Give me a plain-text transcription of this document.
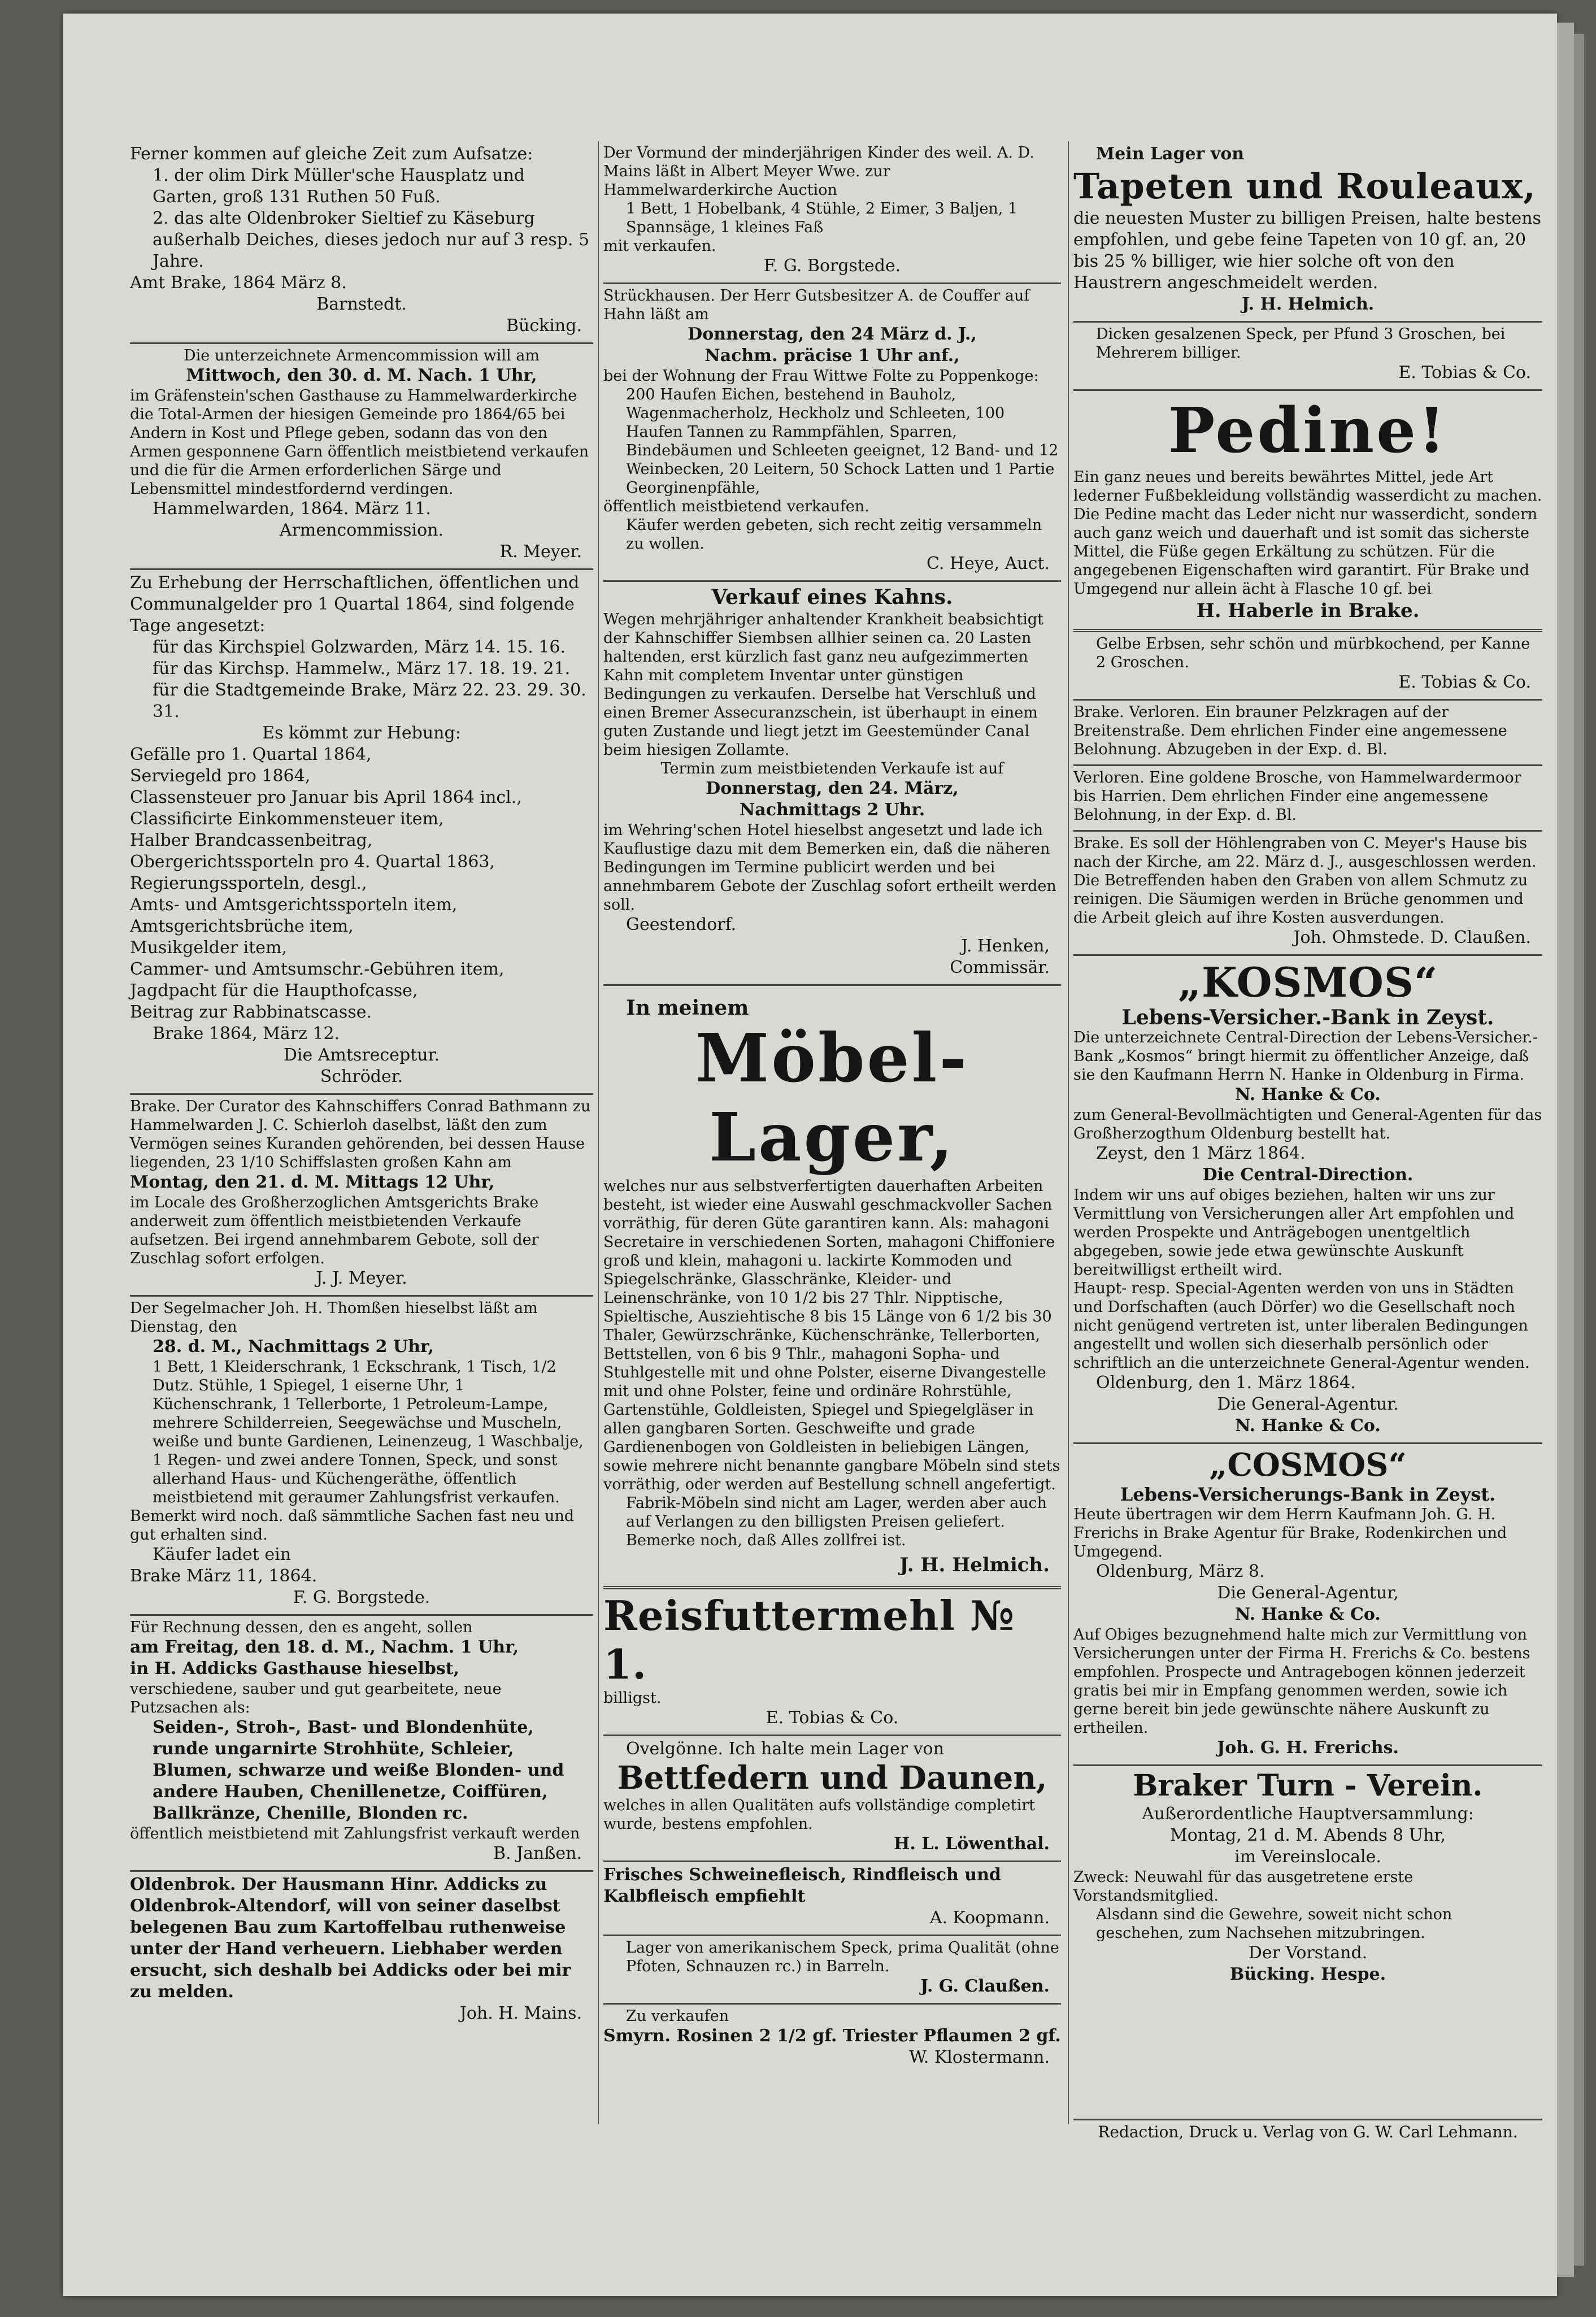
Ferner kommen auf gleiche Zeit zum Aufsatze:

1. der olim Dirk Müller'sche Hausplatz und Garten, groß 131 Ruthen 50 Fuß.

2. das alte Oldenbroker Sieltief zu Käseburg außerhalb Deiches, dieses jedoch nur auf 3 resp. 5 Jahre.

Amt Brake, 1864 März 8.

Barnstedt.

Bücking.

Die unterzeichnete Armencommission will am

Mittwoch, den 30. d. M. Nach. 1 Uhr,

im Gräfenstein'schen Gasthause zu Hammelwarderkirche die Total-Armen der hiesigen Gemeinde pro 1864/65 bei Andern in Kost und Pflege geben, sodann das von den Armen gesponnene Garn öffentlich meistbietend verkaufen und die für die Armen erforderlichen Särge und Lebensmittel mindestfordernd verdingen.

Hammelwarden, 1864. März 11.

Armencommission.

R. Meyer.

Zu Erhebung der Herrschaftlichen, öffentlichen und Communalgelder pro 1 Quartal 1864, sind folgende Tage angesetzt:

für das Kirchspiel Golzwarden, März 14. 15. 16.

für das Kirchsp. Hammelw., März 17. 18. 19. 21.

für die Stadtgemeinde Brake, März 22. 23. 29. 30. 31.

Es kömmt zur Hebung:

Gefälle pro 1. Quartal 1864,

Serviegeld pro 1864,

Classensteuer pro Januar bis April 1864 incl.,

Classificirte Einkommensteuer item,

Halber Brandcassenbeitrag,

Obergerichtssporteln pro 4. Quartal 1863,

Regierungssporteln, desgl.,

Amts- und Amtsgerichtssporteln item,

Amtsgerichtsbrüche item,

Musikgelder item,

Cammer- und Amtsumschr.-Gebühren item,

Jagdpacht für die Haupthofcasse,

Beitrag zur Rabbinatscasse.

Brake 1864, März 12.

Die Amtsreceptur.

Schröder.

Brake. Der Curator des Kahnschiffers Conrad Bathmann zu Hammelwarden J. C. Schierloh daselbst, läßt den zum Vermögen seines Kuranden gehörenden, bei dessen Hause liegenden, 23 1/10 Schiffslasten großen Kahn am

Montag, den 21. d. M. Mittags 12 Uhr,

im Locale des Großherzoglichen Amtsgerichts Brake anderweit zum öffentlich meistbietenden Verkaufe aufsetzen. Bei irgend annehmbarem Gebote, soll der Zuschlag sofort erfolgen.

J. J. Meyer.

Der Segelmacher Joh. H. Thomßen hieselbst läßt am Dienstag, den

28. d. M., Nachmittags 2 Uhr,

1 Bett, 1 Kleiderschrank, 1 Eckschrank, 1 Tisch, 1/2 Dutz. Stühle, 1 Spiegel, 1 eiserne Uhr, 1 Küchenschrank, 1 Tellerborte, 1 Petroleum-Lampe, mehrere Schilderreien, Seegewächse und Muscheln, weiße und bunte Gardienen, Leinenzeug, 1 Waschbalje, 1 Regen- und zwei andere Tonnen, Speck, und sonst allerhand Haus- und Küchengeräthe, öffentlich meistbietend mit geraumer Zahlungsfrist verkaufen.

Bemerkt wird noch. daß sämmtliche Sachen fast neu und gut erhalten sind.

Käufer ladet ein

Brake März 11, 1864.

F. G. Borgstede.

Für Rechnung dessen, den es angeht, sollen

am Freitag, den 18. d. M., Nachm. 1 Uhr,

in H. Addicks Gasthause hieselbst,

verschiedene, sauber und gut gearbeitete, neue Putzsachen als:

Seiden-, Stroh-, Bast- und Blondenhüte, runde ungarnirte Strohhüte, Schleier, Blumen, schwarze und weiße Blonden- und andere Hauben, Chenillenetze, Coiffüren, Ballkränze, Chenille, Blonden rc.

öffentlich meistbietend mit Zahlungsfrist verkauft werden

B. Janßen.

Oldenbrok. Der Hausmann Hinr. Addicks zu Oldenbrok-Altendorf, will von seiner daselbst belegenen Bau zum Kartoffelbau ruthenweise unter der Hand verheuern. Liebhaber werden ersucht, sich deshalb bei Addicks oder bei mir zu melden.

Joh. H. Mains.

Der Vormund der minderjährigen Kinder des weil. A. D. Mains läßt in Albert Meyer Wwe. zur Hammelwarderkirche Auction

1 Bett, 1 Hobelbank, 4 Stühle, 2 Eimer, 3 Baljen, 1 Spannsäge, 1 kleines Faß

mit verkaufen.

F. G. Borgstede.

Strückhausen. Der Herr Gutsbesitzer A. de Couffer auf Hahn läßt am

Donnerstag, den 24 März d. J.,

Nachm. präcise 1 Uhr anf.,

bei der Wohnung der Frau Wittwe Folte zu Poppenkoge:

200 Haufen Eichen, bestehend in Bauholz, Wagenmacherholz, Heckholz und Schleeten, 100 Haufen Tannen zu Rammpfählen, Sparren, Bindebäumen und Schleeten geeignet, 12 Band- und 12 Weinbecken, 20 Leitern, 50 Schock Latten und 1 Partie Georginenpfähle,

öffentlich meistbietend verkaufen.

Käufer werden gebeten, sich recht zeitig versammeln zu wollen.

C. Heye, Auct.

Verkauf eines Kahns.

Wegen mehrjähriger anhaltender Krankheit beabsichtigt der Kahnschiffer Siembsen allhier seinen ca. 20 Lasten haltenden, erst kürzlich fast ganz neu aufgezimmerten Kahn mit completem Inventar unter günstigen Bedingungen zu verkaufen. Derselbe hat Verschluß und einen Bremer Assecuranzschein, ist überhaupt in einem guten Zustande und liegt jetzt im Geestemünder Canal beim hiesigen Zollamte.

Termin zum meistbietenden Verkaufe ist auf

Donnerstag, den 24. März,

Nachmittags 2 Uhr.

im Wehring'schen Hotel hieselbst angesetzt und lade ich Kauflustige dazu mit dem Bemerken ein, daß die näheren Bedingungen im Termine publicirt werden und bei annehmbarem Gebote der Zuschlag sofort ertheilt werden soll.

Geestendorf.

J. Henken,

Commissär.

In meinem

Möbel-Lager,

welches nur aus selbstverfertigten dauerhaften Arbeiten besteht, ist wieder eine Auswahl geschmackvoller Sachen vorräthig, für deren Güte garantiren kann. Als: mahagoni Secretaire in verschiedenen Sorten, mahagoni Chiffoniere groß und klein, mahagoni u. lackirte Kommoden und Spiegelschränke, Glasschränke, Kleider- und Leinenschränke, von 10 1/2 bis 27 Thlr. Nipptische, Spieltische, Ausziehtische 8 bis 15 Länge von 6 1/2 bis 30 Thaler, Gewürzschränke, Küchenschränke, Tellerborten, Bettstellen, von 6 bis 9 Thlr., mahagoni Sopha- und Stuhlgestelle mit und ohne Polster, eiserne Divangestelle mit und ohne Polster, feine und ordinäre Rohrstühle, Gartenstühle, Goldleisten, Spiegel und Spiegelgläser in allen gangbaren Sorten. Geschweifte und grade Gardienenbogen von Goldleisten in beliebigen Längen, sowie mehrere nicht benannte gangbare Möbeln sind stets vorräthig, oder werden auf Bestellung schnell angefertigt.

Fabrik-Möbeln sind nicht am Lager, werden aber auch auf Verlangen zu den billigsten Preisen geliefert. Bemerke noch, daß Alles zollfrei ist.

J. H. Helmich.

Reisfuttermehl № 1.

billigst.

E. Tobias & Co.

Ovelgönne. Ich halte mein Lager von

Bettfedern und Daunen,

welches in allen Qualitäten aufs vollständige completirt wurde, bestens empfohlen.

H. L. Löwenthal.

Frisches Schweinefleisch, Rindfleisch und Kalbfleisch empfiehlt

A. Koopmann.

Lager von amerikanischem Speck, prima Qualität (ohne Pfoten, Schnauzen rc.) in Barreln.

J. G. Claußen.

Zu verkaufen

Smyrn. Rosinen 2 1/2 gf. Triester Pflaumen 2 gf.

W. Klostermann.

Mein Lager von

Tapeten und Rouleaux,

die neuesten Muster zu billigen Preisen, halte bestens empfohlen, und gebe feine Tapeten von 10 gf. an, 20 bis 25 % billiger, wie hier solche oft von den Haustrern angeschmeidelt werden.

J. H. Helmich.

Dicken gesalzenen Speck, per Pfund 3 Groschen, bei Mehrerem billiger.

E. Tobias & Co.

Pedine!

Ein ganz neues und bereits bewährtes Mittel, jede Art lederner Fußbekleidung vollständig wasserdicht zu machen. Die Pedine macht das Leder nicht nur wasserdicht, sondern auch ganz weich und dauerhaft und ist somit das sicherste Mittel, die Füße gegen Erkältung zu schützen. Für die angegebenen Eigenschaften wird garantirt. Für Brake und Umgegend nur allein ächt à Flasche 10 gf. bei

H. Haberle in Brake.

Gelbe Erbsen, sehr schön und mürbkochend, per Kanne 2 Groschen.

E. Tobias & Co.

Brake. Verloren. Ein brauner Pelzkragen auf der Breitenstraße. Dem ehrlichen Finder eine angemessene Belohnung. Abzugeben in der Exp. d. Bl.

Verloren. Eine goldene Brosche, von Hammelwardermoor bis Harrien. Dem ehrlichen Finder eine angemessene Belohnung, in der Exp. d. Bl.

Brake. Es soll der Höhlengraben von C. Meyer's Hause bis nach der Kirche, am 22. März d. J., ausgeschlossen werden. Die Betreffenden haben den Graben von allem Schmutz zu reinigen. Die Säumigen werden in Brüche genommen und die Arbeit gleich auf ihre Kosten ausverdungen.

Joh. Ohmstede. D. Claußen.

„KOSMOS“

Lebens-Versicher.-Bank in Zeyst.

Die unterzeichnete Central-Direction der Lebens-Versicher.-Bank „Kosmos“ bringt hiermit zu öffentlicher Anzeige, daß sie den Kaufmann Herrn N. Hanke in Oldenburg in Firma.

N. Hanke & Co.

zum General-Bevollmächtigten und General-Agenten für das Großherzogthum Oldenburg bestellt hat.

Zeyst, den 1 März 1864.

Die Central-Direction.

Indem wir uns auf obiges beziehen, halten wir uns zur Vermittlung von Versicherungen aller Art empfohlen und werden Prospekte und Anträgebogen unentgeltlich abgegeben, sowie jede etwa gewünschte Auskunft bereitwilligst ertheilt wird.

Haupt- resp. Special-Agenten werden von uns in Städten und Dorfschaften (auch Dörfer) wo die Gesellschaft noch nicht genügend vertreten ist, unter liberalen Bedingungen angestellt und wollen sich dieserhalb persönlich oder schriftlich an die unterzeichnete General-Agentur wenden.

Oldenburg, den 1. März 1864.

Die General-Agentur.

N. Hanke & Co.

„COSMOS“

Lebens-Versicherungs-Bank in Zeyst.

Heute übertragen wir dem Herrn Kaufmann Joh. G. H. Frerichs in Brake Agentur für Brake, Rodenkirchen und Umgegend.

Oldenburg, März 8.

Die General-Agentur,

N. Hanke & Co.

Auf Obiges bezugnehmend halte mich zur Vermittlung von Versicherungen unter der Firma H. Frerichs & Co. bestens empfohlen. Prospecte und Antragebogen können jederzeit gratis bei mir in Empfang genommen werden, sowie ich gerne bereit bin jede gewünschte nähere Auskunft zu ertheilen.

Joh. G. H. Frerichs.

Braker Turn - Verein.

Außerordentliche Hauptversammlung:

Montag, 21 d. M. Abends 8 Uhr,

im Vereinslocale.

Zweck: Neuwahl für das ausgetretene erste Vorstandsmitglied.

Alsdann sind die Gewehre, soweit nicht schon geschehen, zum Nachsehen mitzubringen.

Der Vorstand.

Bücking. Hespe.

Redaction, Druck u. Verlag von G. W. Carl Lehmann.
